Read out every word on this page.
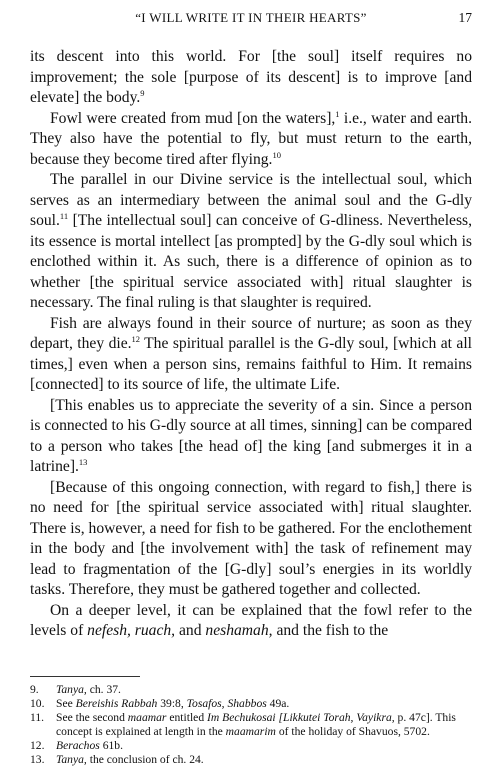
“I WILL WRITE IT IN THEIR HEARTS”	17

its descent into this world. For [the soul] itself requires no improvement; the sole [purpose of its descent] is to improve [and elevate] the body.$^9$

Fowl were created from mud [on the waters],$^1$ i.e., water and earth. They also have the potential to fly, but must return to the earth, because they become tired after flying.$^{10}$

The parallel in our Divine service is the intellectual soul, which serves as an intermediary between the animal soul and the G-dly soul.$^{11}$ [The intellectual soul] can conceive of G-dliness. Nevertheless, its essence is mortal intellect [as prompted] by the G-dly soul which is enclothed within it. As such, there is a difference of opinion as to whether [the spiritual service associated with] ritual slaughter is necessary. The final ruling is that slaughter is required.

Fish are always found in their source of nurture; as soon as they depart, they die.$^{12}$ The spiritual parallel is the G-dly soul, [which at all times,] even when a person sins, remains faithful to Him. It remains [connected] to its source of life, the ultimate Life.

[This enables us to appreciate the severity of a sin. Since a person is connected to his G-dly source at all times, sinning] can be compared to a person who takes [the head of] the king [and submerges it in a latrine].$^{13}$

[Because of this ongoing connection, with regard to fish,] there is no need for [the spiritual service associated with] ritual slaughter. There is, however, a need for fish to be gathered. For the enclothement in the body and [the involvement with] the task of refinement may lead to fragmentation of the [G-dly] soul’s energies in its worldly tasks. Therefore, they must be gathered together and collected.

On a deeper level, it can be explained that the fowl refer to the levels of nefesh, ruach, and neshamah, and the fish to the

9.	Tanya, ch. 37.
10. See Bereishis Rabbah 39:8, Tosafos, Shabbos 49a.
11.	See the second maamar entitled Im Bechukosai [Likkutei Torah, Vayikra, p. 47c]. This concept is explained at length in the maamarim of the holiday of Shavuos, 5702.
12. Berachos 61b.
13. Tanya, the conclusion of ch. 24.
